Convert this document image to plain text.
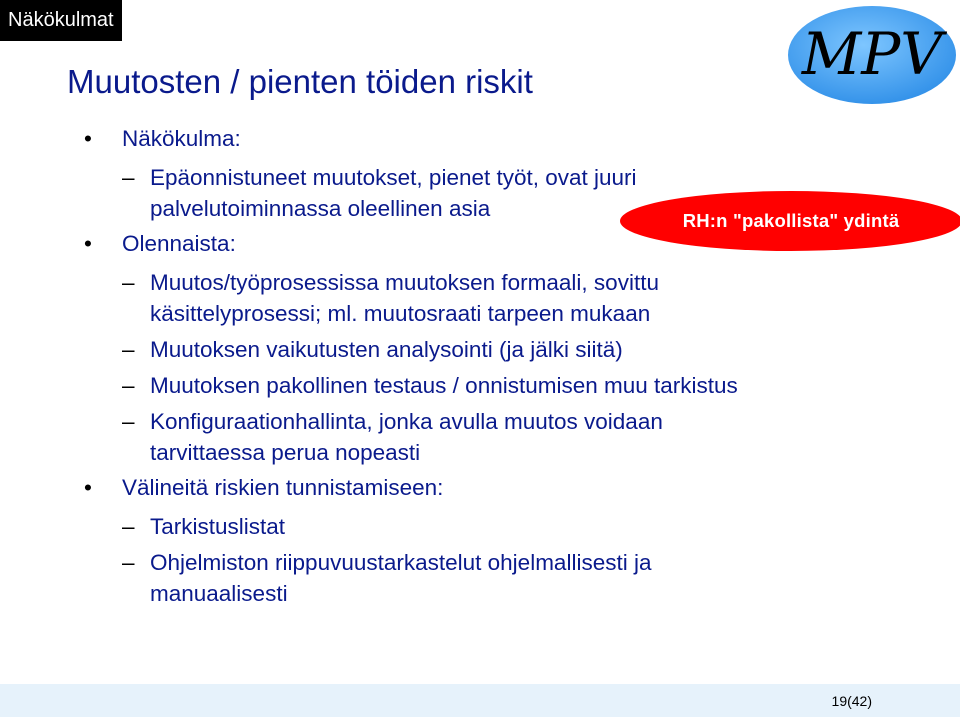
Näkökulmat	MPV
Muutosten / pienten töiden riskit
• Näkökulma:
– Epäonnistuneet muutokset, pienet työt, ovat juuri
palvelutoiminnassa oleellinen asia
• Olennaista:
– Muutos/työprosessissa muutoksen formaali, sovittu
käsittelyprosessi; ml. muutosraati tarpeen mukaan
– Muutoksen vaikutusten analysointi (ja jälki siitä)
– Muutoksen pakollinen testaus / onnistumisen muu tarkistus
– Konfiguraationhallinta, jonka avulla muutos voidaan
tarvittaessa perua nopeasti
• Välineitä riskien tunnistamiseen:
– Tarkistuslistat
– Ohjelmiston riippuvuustarkastelut ohjelmallisesti ja
manuaalisesti
RH:n "pakollista" ydintä
19(42)
